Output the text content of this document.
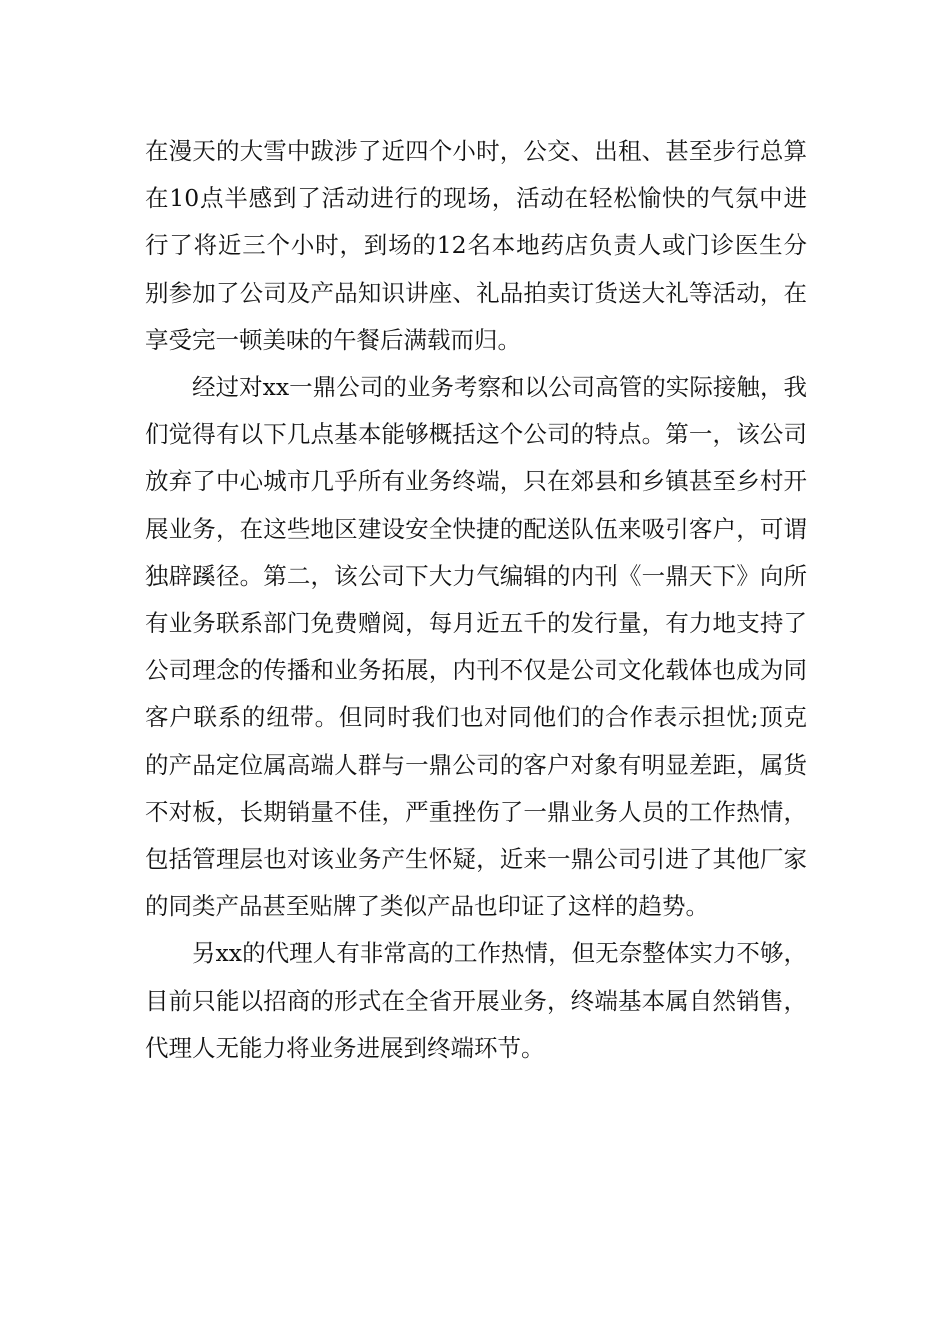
在漫天的大雪中跋涉了近四个小时，公交、出租、甚至步行总算在10点半感到了活动进行的现场，活动在轻松愉快的气氛中进行了将近三个小时，到场的12名本地药店负责人或门诊医生分别参加了公司及产品知识讲座、礼品拍卖订货送大礼等活动，在享受完一顿美味的午餐后满载而归。

经过对xx一鼎公司的业务考察和以公司高管的实际接触，我们觉得有以下几点基本能够概括这个公司的特点。第一，该公司放弃了中心城市几乎所有业务终端，只在郊县和乡镇甚至乡村开展业务，在这些地区建设安全快捷的配送队伍来吸引客户，可谓独辟蹊径。第二，该公司下大力气编辑的内刊《一鼎天下》向所有业务联系部门免费赠阅，每月近五千的发行量，有力地支持了公司理念的传播和业务拓展，内刊不仅是公司文化载体也成为同客户联系的纽带。但同时我们也对同他们的合作表示担忧;顶克的产品定位属高端人群与一鼎公司的客户对象有明显差距，属货不对板，长期销量不佳，严重挫伤了一鼎业务人员的工作热情，包括管理层也对该业务产生怀疑，近来一鼎公司引进了其他厂家的同类产品甚至贴牌了类似产品也印证了这样的趋势。

另xx的代理人有非常高的工作热情，但无奈整体实力不够，目前只能以招商的形式在全省开展业务，终端基本属自然销售，代理人无能力将业务进展到终端环节。
